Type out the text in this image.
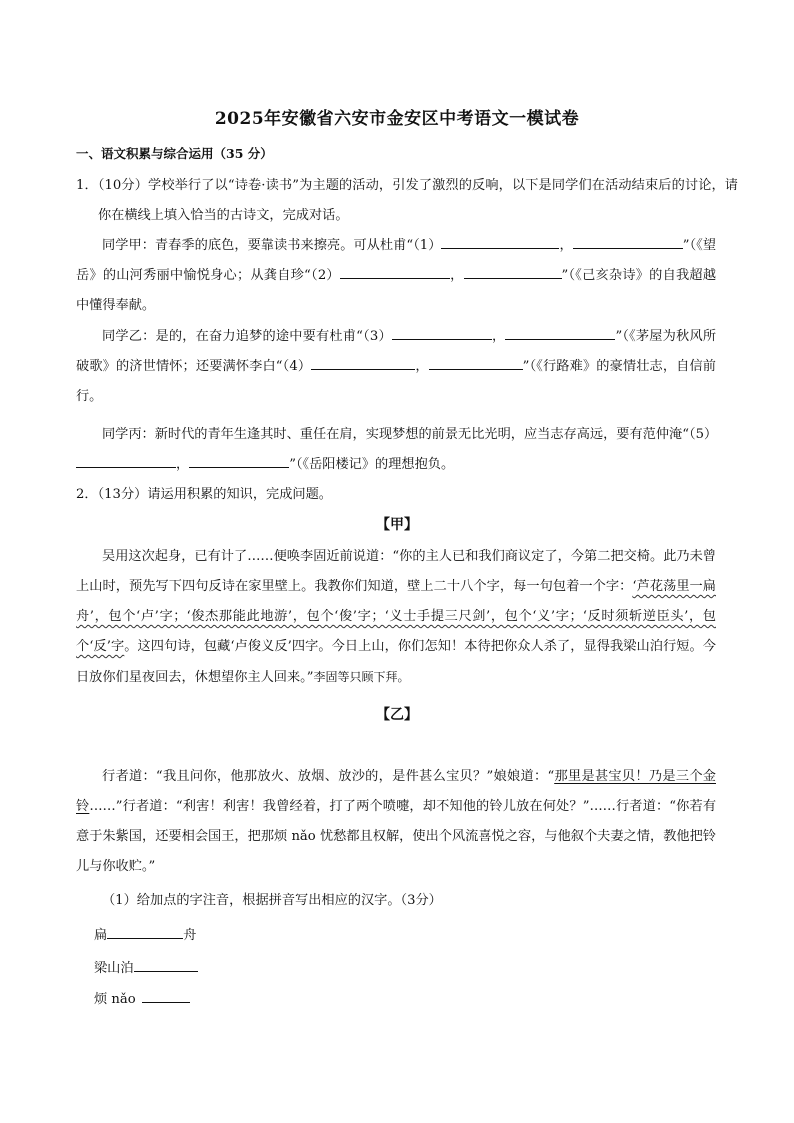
2025年安徽省六安市金安区中考语文一模试卷
一、语文积累与综合运用（35 分）
1．（10分）学校举行了以“诗卷·读书”为主题的活动，引发了激烈的反响，以下是同学们在活动结束后的讨论，请你在横线上填入恰当的古诗文，完成对话。
同学甲：青春季的底色，要靠读书来擦亮。可从杜甫“（1）	，	”（《望岳》的山河秀丽中愉悦身心；从龚自珍“（2）	，	”（《己亥杂诗》的自我超越中懂得奉献。
同学乙：是的，在奋力追梦的途中要有杜甫“（3）	，	”（《茅屋为秋风所破歌》的济世情怀；还要满怀李白“（4）	，	”（《行路难》的豪情壮志，自信前行。
同学丙：新时代的青年生逢其时、重任在肩，实现梦想的前景无比光明，应当志存高远，要有范仲淹“（5），	”（《岳阳楼记》的理想抱负。
2．（13分）请运用积累的知识，完成问题。
【甲】
吴用这次起身，已有计了……便唤李固近前说道：“你的主人已和我们商议定了，今第二把交椅。此乃未曾上山时，预先写下四句反诗在家里壁上。我教你们知道，壁上二十八个字，每一句包着一个字：‘芦花荡里一扁舟’，包个‘卢’字；‘俊杰那能此地游’，包个‘俊’字；‘义士手提三尺剑’，包个‘义’字；‘反时须斩逆臣头’，包个‘反’字。这四句诗，包藏‘卢俊义反’四字。今日上山，你们怎知！本待把你众人杀了，显得我梁山泊行短。今日放你们星夜回去，休想望你主人回来。”李固等只顾下拜。
【乙】
行者道：“我且问你，他那放火、放烟、放沙的，是件甚么宝贝？”娘娘道：“那里是甚宝贝！乃是三个金铃……”行者道：“利害！利害！我曾经着，打了两个喷嚏，却不知他的铃儿放在何处？”……行者道：“你若有意于朱紫国，还要相会国王，把那烦 nǎo 忧愁都且权解，使出个风流喜悦之容，与他叙个夫妻之情，教他把铃儿与你收贮。”
（1）给加点的字注音，根据拼音写出相应的汉字。（3分）
扁	舟
梁山泊
烦 nǎo
